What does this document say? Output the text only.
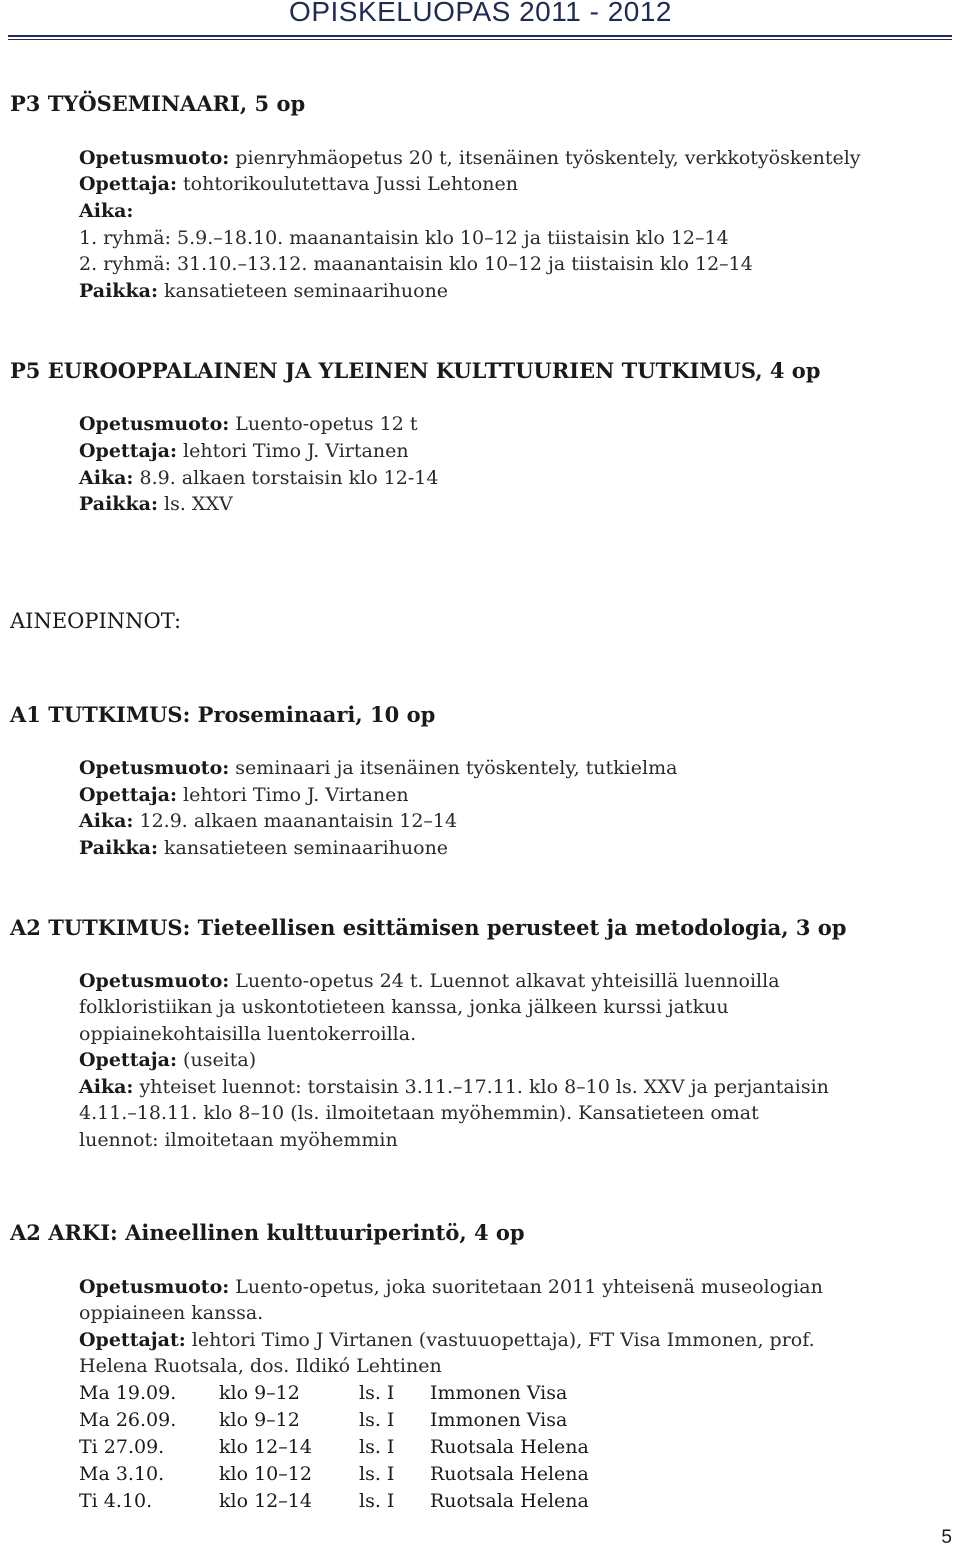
OPISKELUOPAS 2011 - 2012
P3 TYÖSEMINAARI, 5 op
Opetusmuoto: pienryhmäopetus 20 t, itsenäinen työskentely, verkkotyöskentely
Opettaja: tohtorikoulutettava Jussi Lehtonen
Aika:
1. ryhmä: 5.9.–18.10. maanantaisin klo 10–12 ja tiistaisin klo 12–14
2. ryhmä: 31.10.–13.12. maanantaisin klo 10–12 ja tiistaisin klo 12–14
Paikka: kansatieteen seminaarihuone
P5 EUROOPPALAINEN JA YLEINEN KULTTUURIEN TUTKIMUS, 4 op
Opetusmuoto: Luento-opetus 12 t
Opettaja: lehtori Timo J. Virtanen
Aika: 8.9. alkaen torstaisin klo 12-14
Paikka: ls. XXV
AINEOPINNOT:
A1 TUTKIMUS: Proseminaari, 10 op
Opetusmuoto: seminaari ja itsenäinen työskentely, tutkielma
Opettaja: lehtori Timo J. Virtanen
Aika: 12.9. alkaen maanantaisin 12–14
Paikka: kansatieteen seminaarihuone
A2 TUTKIMUS: Tieteellisen esittämisen perusteet ja metodologia, 3 op
Opetusmuoto: Luento-opetus 24 t. Luennot alkavat yhteisillä luennoilla
folkloristiikan ja uskontotieteen kanssa, jonka jälkeen kurssi jatkuu
oppiainekohtaisilla luentokerroilla.
Opettaja: (useita)
Aika: yhteiset luennot: torstaisin 3.11.–17.11. klo 8–10 ls. XXV ja perjantaisin
4.11.–18.11. klo 8–10 (ls. ilmoitetaan myöhemmin). Kansatieteen omat
luennot: ilmoitetaan myöhemmin
A2 ARKI: Aineellinen kulttuuriperintö, 4 op
Opetusmuoto: Luento-opetus, joka suoritetaan 2011 yhteisenä museologian
oppiaineen kanssa.
Opettajat: lehtori Timo J Virtanen (vastuuopettaja), FT Visa Immonen, prof.
Helena Ruotsala, dos. Ildikó Lehtinen
Ma 19.09. klo 9–12	ls. I Immonen Visa
Ma 26.09. klo 9–12	ls. I Immonen Visa
Ti 27.09.	klo 12–14 ls. I Ruotsala Helena
Ma 3.10.	klo 10–12 ls. I Ruotsala Helena
Ti 4.10.	klo 12–14 ls. I Ruotsala Helena
5
